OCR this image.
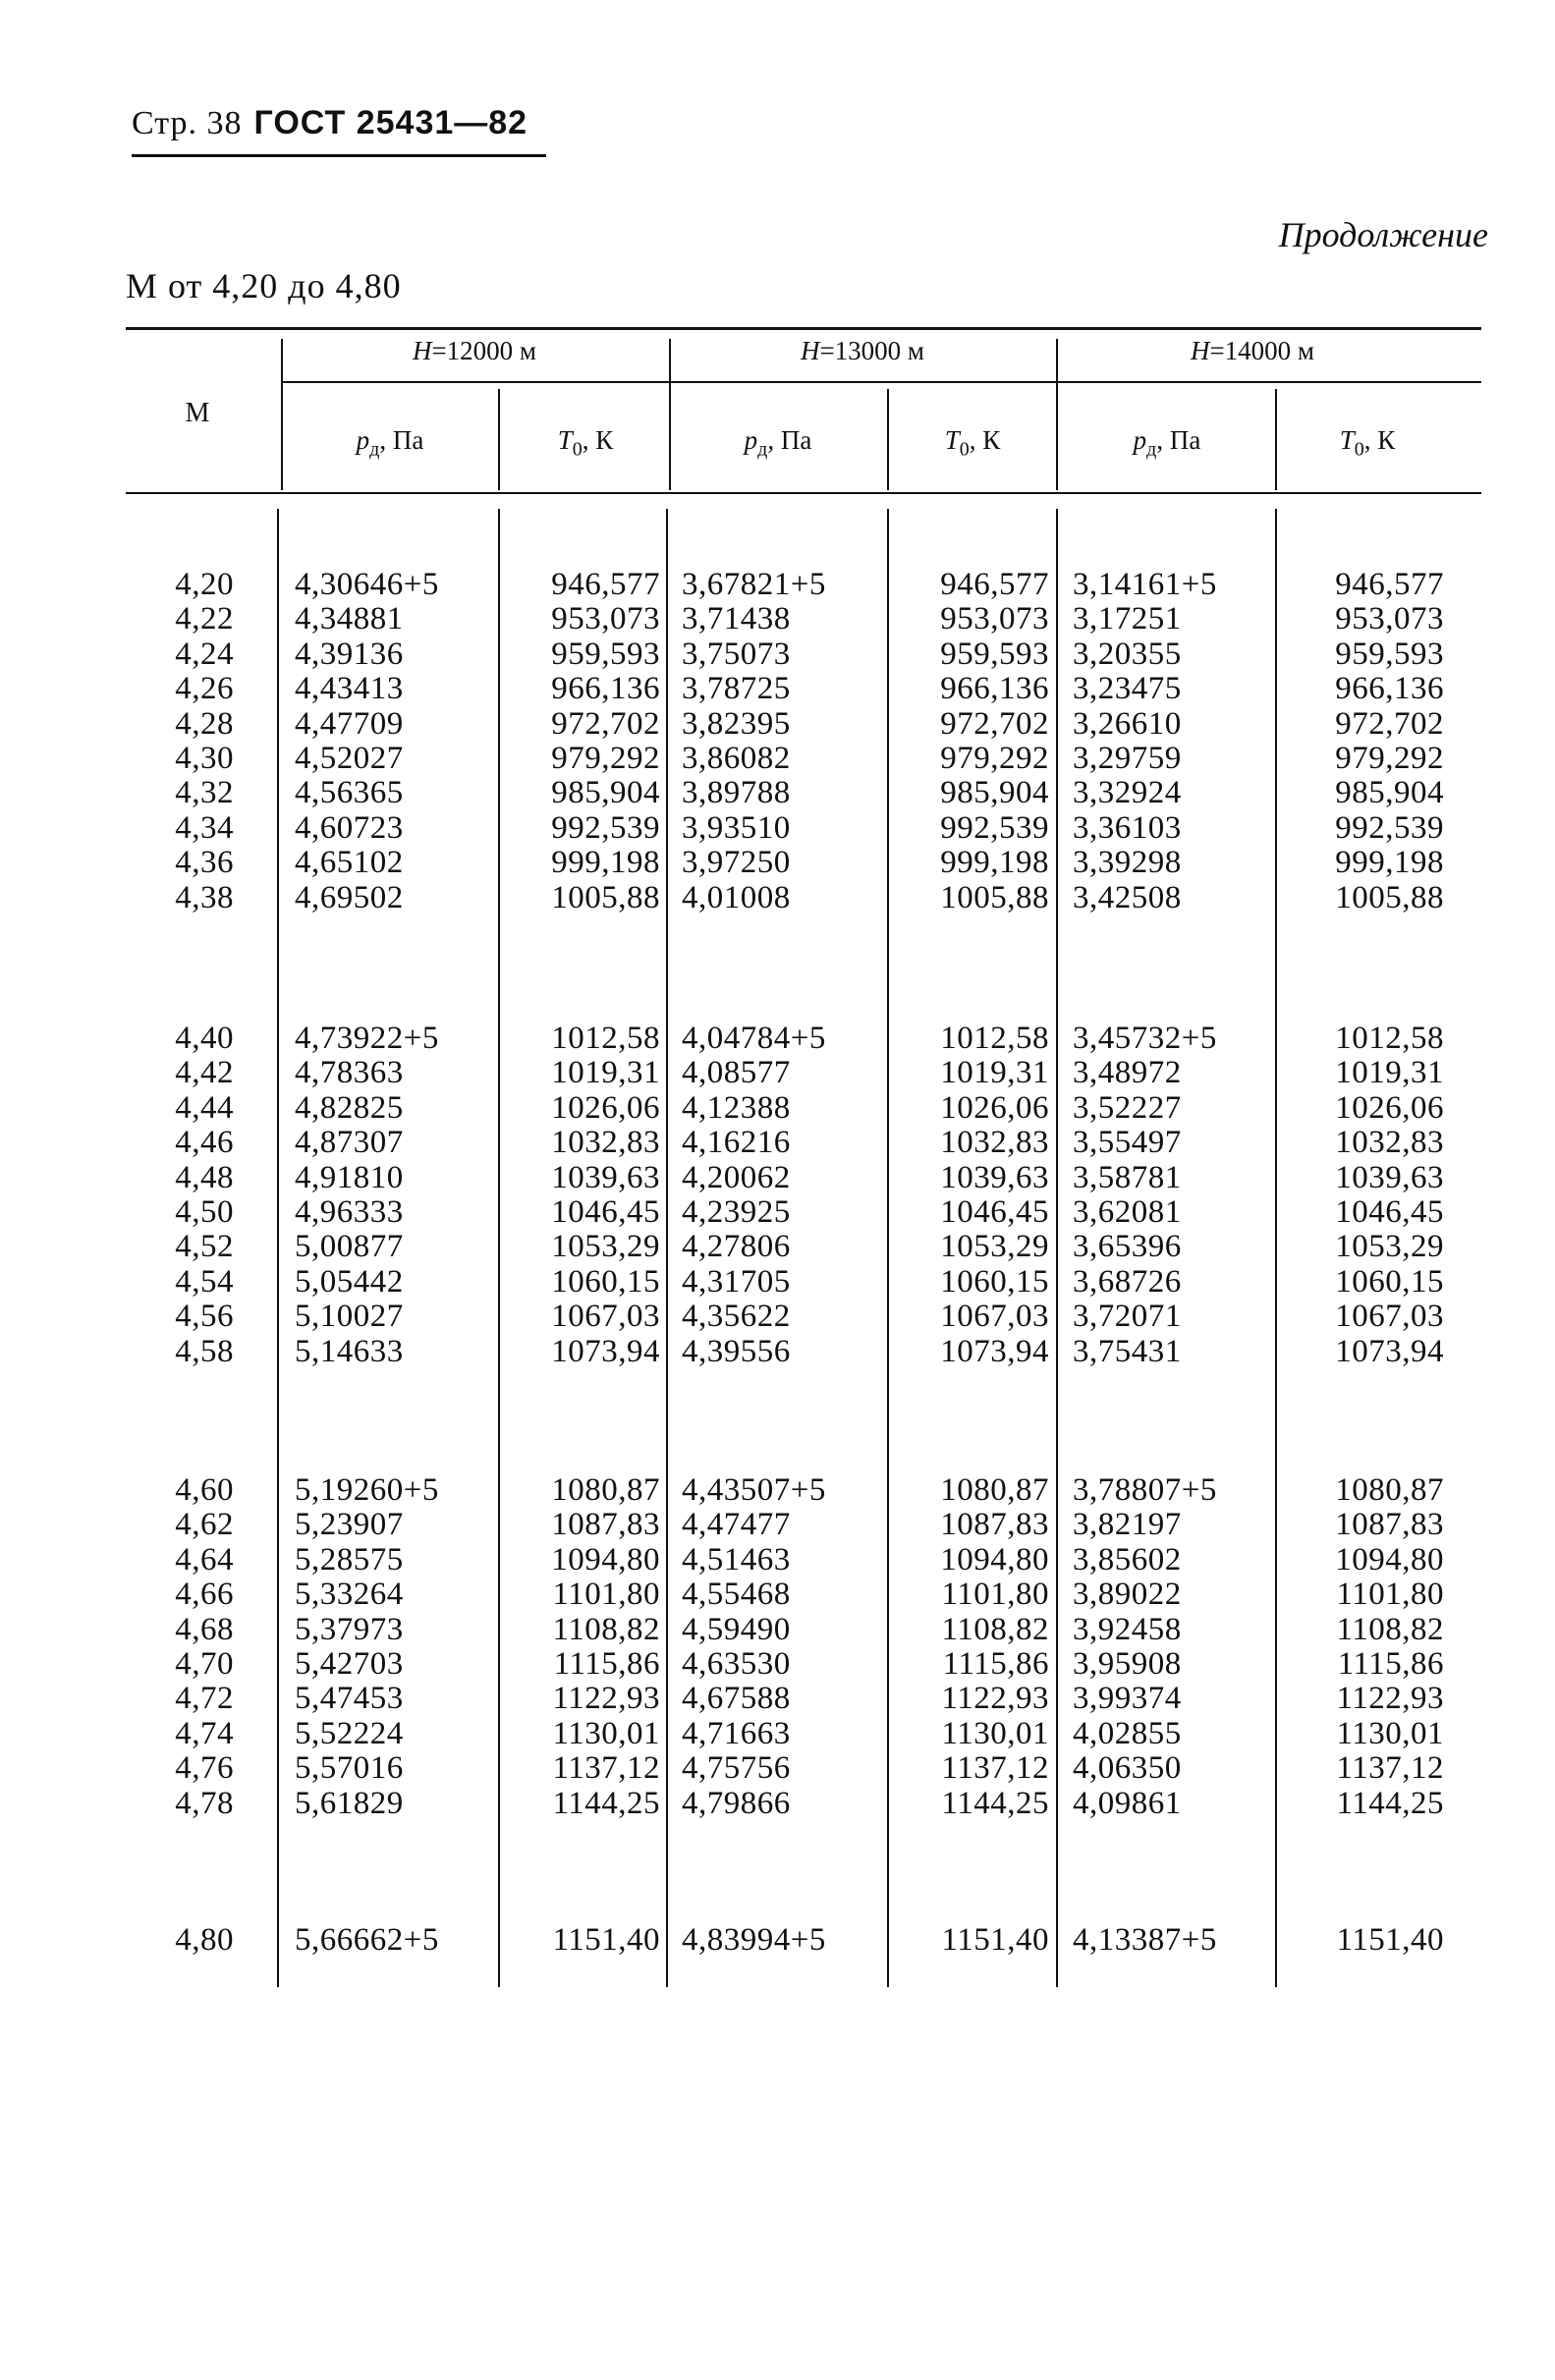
Стр. 38 ГОСТ 25431—82
Продолжение
М от 4,20 до 4,80
М
H=12000 м	H=13000 м	H=14000 м
$p_д$, Па	$T_0$, К	$p_д$, Па	$T_0$, К	$p_д$, Па	$T_0$, К
4,20 4,30646+5	946,577 3,67821+5	946,577 3,14161+5	946,577
4,22 4,34881	953,073 3,71438	953,073 3,17251	953,073
4,24 4,39136	959,593 3,75073	959,593 3,20355	959,593
4,26 4,43413	966,136 3,78725	966,136 3,23475	966,136
4,28 4,47709	972,702 3,82395	972,702 3,26610	972,702
4,30 4,52027	979,292 3,86082	979,292 3,29759	979,292
4,32 4,56365	985,904 3,89788	985,904 3,32924	985,904
4,34 4,60723	992,539 3,93510	992,539 3,36103	992,539
4,36 4,65102	999,198 3,97250	999,198 3,39298	999,198
4,38 4,69502	1005,88 4,01008	1005,88 3,42508	1005,88
4,40 4,73922+5	1012,58 4,04784+5	1012,58 3,45732+5	1012,58
4,42 4,78363	1019,31 4,08577	1019,31 3,48972	1019,31
4,44 4,82825	1026,06 4,12388	1026,06 3,52227	1026,06
4,46 4,87307	1032,83 4,16216	1032,83 3,55497	1032,83
4,48 4,91810	1039,63 4,20062	1039,63 3,58781	1039,63
4,50 4,96333	1046,45 4,23925	1046,45 3,62081	1046,45
4,52 5,00877	1053,29 4,27806	1053,29 3,65396	1053,29
4,54 5,05442	1060,15 4,31705	1060,15 3,68726	1060,15
4,56 5,10027	1067,03 4,35622	1067,03 3,72071	1067,03
4,58 5,14633	1073,94 4,39556	1073,94 3,75431	1073,94
4,60 5,19260+5	1080,87 4,43507+5	1080,87 3,78807+5	1080,87
4,62 5,23907	1087,83 4,47477	1087,83 3,82197	1087,83
4,64 5,28575	1094,80 4,51463	1094,80 3,85602	1094,80
4,66 5,33264	1101,80 4,55468	1101,80 3,89022	1101,80
4,68 5,37973	1108,82 4,59490	1108,82 3,92458	1108,82
4,70 5,42703	1115,86 4,63530	1115,86 3,95908	1115,86
4,72 5,47453	1122,93 4,67588	1122,93 3,99374	1122,93
4,74 5,52224	1130,01 4,71663	1130,01 4,02855	1130,01
4,76 5,57016	1137,12 4,75756	1137,12 4,06350	1137,12
4,78 5,61829	1144,25 4,79866	1144,25 4,09861	1144,25
4,80 5,66662+5	1151,40 4,83994+5	1151,40 4,13387+5	1151,40
